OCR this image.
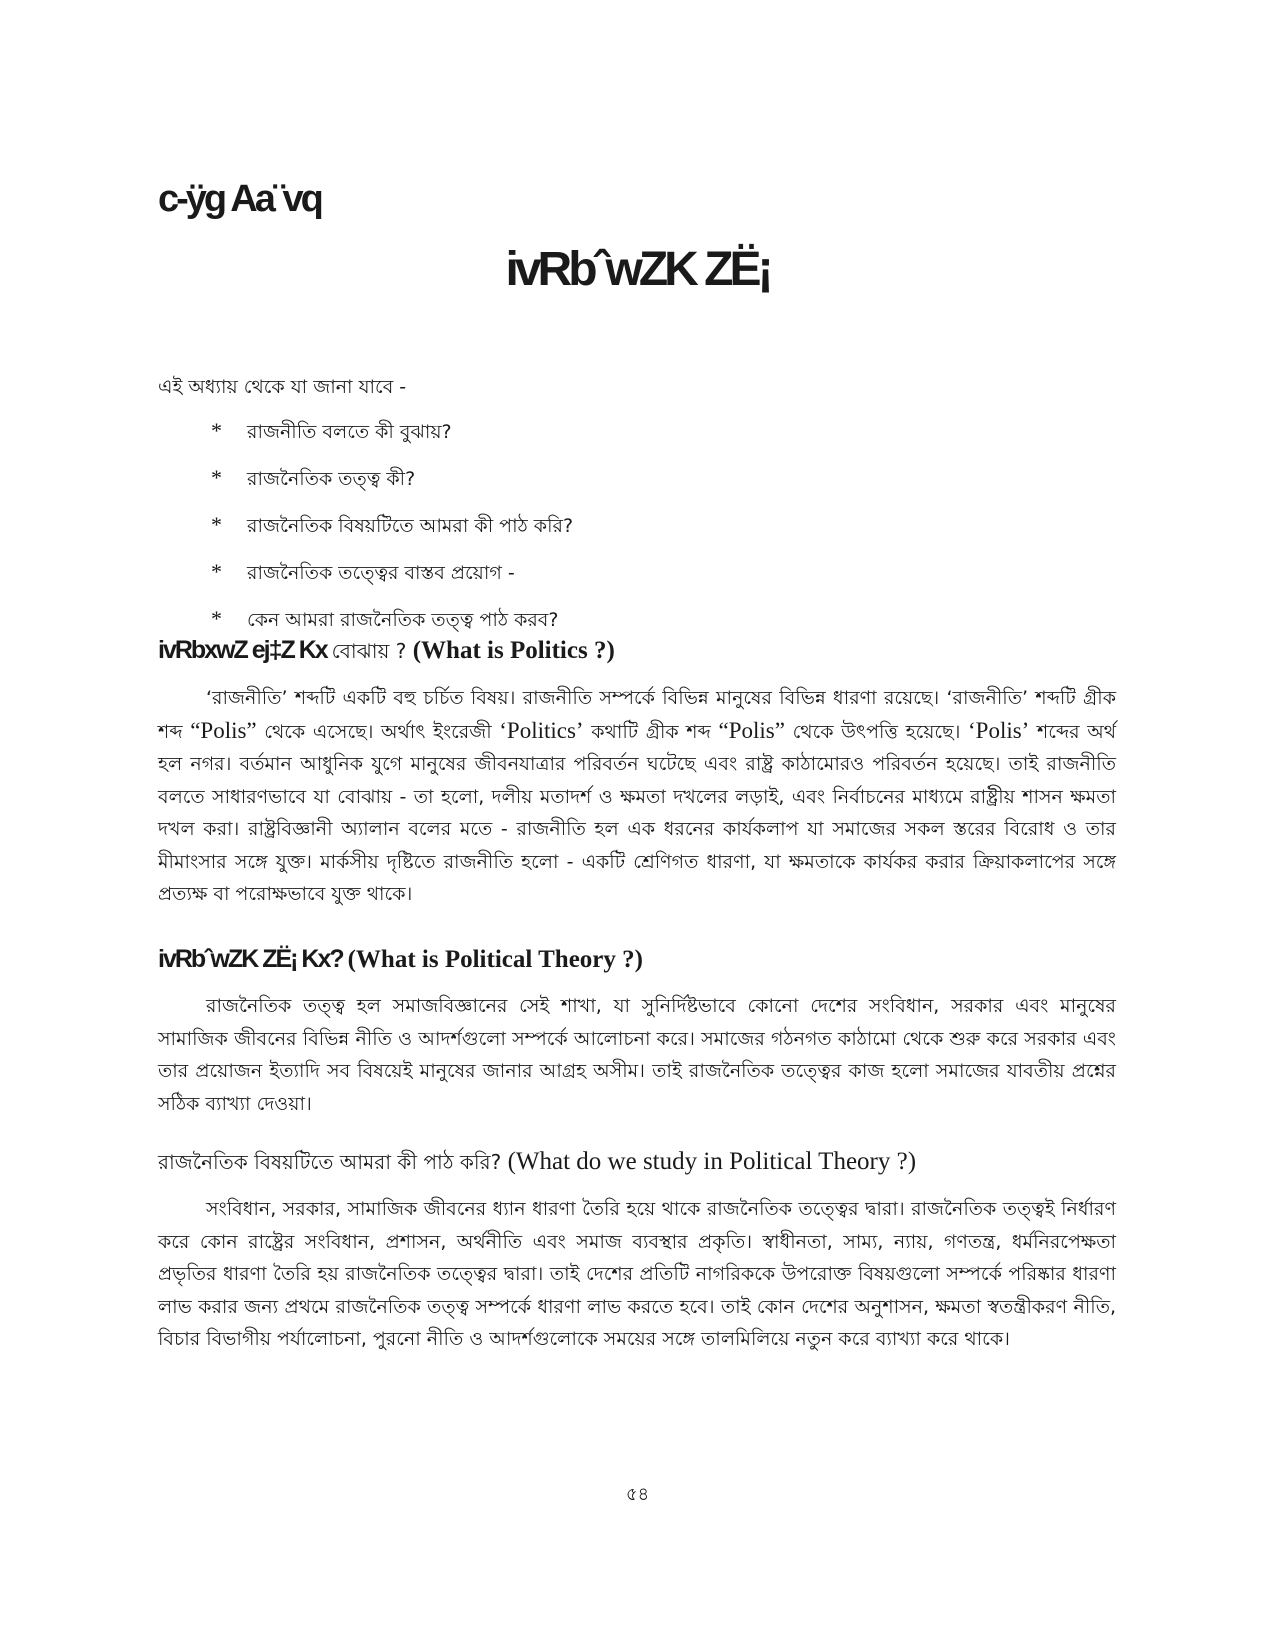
c-ÿg Aa¨vq
ivRbˆwZK ZË¡
এই অধ্যায় থেকে যা জানা যাবে -
*	রাজনীতি বলতে কী বুঝায়?
*	রাজনৈতিক তত্ত্ব কী?
*	রাজনৈতিক বিষয়টিতে আমরা কী পাঠ করি?
*	রাজনৈতিক তত্ত্বের বাস্তব প্রয়োগ -
*	কেন আমরা রাজনৈতিক তত্ত্ব পাঠ করব?
ivRbxwZ ej‡Z Kx বোঝায় ? (What is Politics ?)

‘রাজনীতি’ শব্দটি একটি বহু চর্চিত বিষয়। রাজনীতি সম্পর্কে বিভিন্ন মানুষের বিভিন্ন ধারণা রয়েছে। ‘রাজনীতি’ শব্দটি গ্রীক শব্দ “Polis” থেকে এসেছে। অর্থাৎ ইংরেজী ‘Politics’ কথাটি গ্রীক শব্দ “Polis” থেকে উৎপত্তি হয়েছে। ‘Polis’ শব্দের অর্থ হল নগর। বর্তমান আধুনিক যুগে মানুষের জীবনযাত্রার পরিবর্তন ঘটেছে এবং রাষ্ট্র কাঠামোরও পরিবর্তন হয়েছে। তাই রাজনীতি বলতে সাধারণভাবে যা বোঝায় - তা হলো, দলীয় মতাদর্শ ও ক্ষমতা দখলের লড়াই, এবং নির্বাচনের মাধ্যমে রাষ্ট্রীয় শাসন ক্ষমতা দখল করা। রাষ্ট্রবিজ্ঞানী অ্যালান বলের মতে - রাজনীতি হল এক ধরনের কার্যকলাপ যা সমাজের সকল স্তরের বিরোধ ও তার মীমাংসার সঙ্গে যুক্ত। মার্কসীয় দৃষ্টিতে রাজনীতি হলো - একটি শ্রেণিগত ধারণা, যা ক্ষমতাকে কার্যকর করার ক্রিয়াকলাপের সঙ্গে প্রত্যক্ষ বা পরোক্ষভাবে যুক্ত থাকে।

ivRbˆwZK ZË¡ Kx? (What is Political Theory ?)

রাজনৈতিক তত্ত্ব হল সমাজবিজ্ঞানের সেই শাখা, যা সুনির্দিষ্টভাবে কোনো দেশের সংবিধান, সরকার এবং মানুষের সামাজিক জীবনের বিভিন্ন নীতি ও আদর্শগুলো সম্পর্কে আলোচনা করে। সমাজের গঠনগত কাঠামো থেকে শুরু করে সরকার এবং তার প্রয়োজন ইত্যাদি সব বিষয়েই মানুষের জানার আগ্রহ অসীম। তাই রাজনৈতিক তত্ত্বের কাজ হলো সমাজের যাবতীয় প্রশ্নের সঠিক ব্যাখ্যা দেওয়া।

রাজনৈতিক বিষয়টিতে আমরা কী পাঠ করি? (What do we study in Political Theory ?)

সংবিধান, সরকার, সামাজিক জীবনের ধ্যান ধারণা তৈরি হয়ে থাকে রাজনৈতিক তত্ত্বের দ্বারা। রাজনৈতিক তত্ত্বই নির্ধারণ করে কোন রাষ্ট্রের সংবিধান, প্রশাসন, অর্থনীতি এবং সমাজ ব্যবস্থার প্রকৃতি। স্বাধীনতা, সাম্য, ন্যায়, গণতন্ত্র, ধর্মনিরপেক্ষতা প্রভৃতির ধারণা তৈরি হয় রাজনৈতিক তত্ত্বের দ্বারা। তাই দেশের প্রতিটি নাগরিককে উপরোক্ত বিষয়গুলো সম্পর্কে পরিষ্কার ধারণা লাভ করার জন্য প্রথমে রাজনৈতিক তত্ত্ব সম্পর্কে ধারণা লাভ করতে হবে। তাই কোন দেশের অনুশাসন, ক্ষমতা স্বতন্ত্রীকরণ নীতি, বিচার বিভাগীয় পর্যালোচনা, পুরনো নীতি ও আদর্শগুলোকে সময়ের সঙ্গে তালমিলিয়ে নতুন করে ব্যাখ্যা করে থাকে।

৫৪
